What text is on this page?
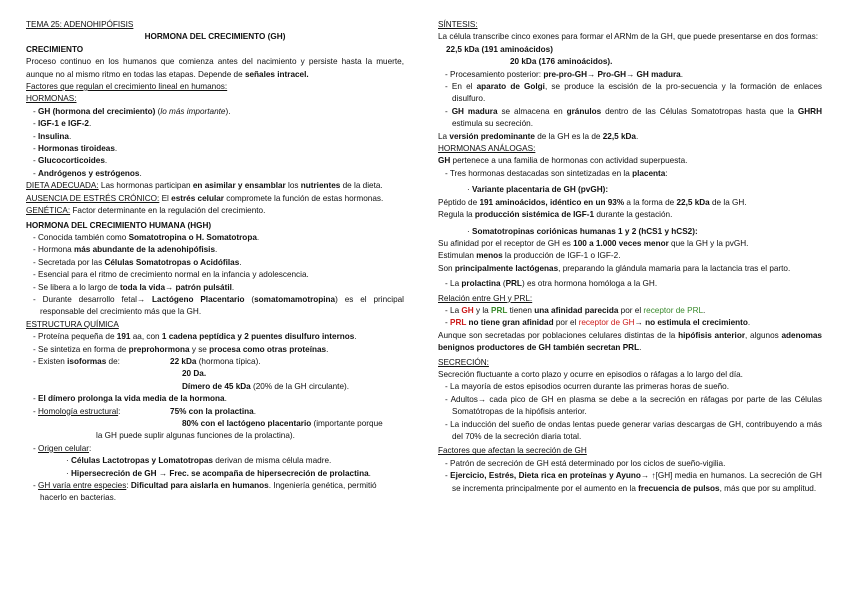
TEMA 25: ADENOHIPÓFISIS

HORMONA DEL CRECIMIENTO (GH)

CRECIMIENTO

Proceso continuo en los humanos que comienza antes del nacimiento y persiste hasta la muerte, aunque no al mismo ritmo en todas las etapas. Depende de señales intracel.

Factores que regulan el crecimiento lineal en humanos:

HORMONAS:

- GH (hormona del crecimiento) (lo más importante).

- IGF-1 e IGF-2.

- Insulina.

- Hormonas tiroideas.

- Glucocorticoides.

- Andrógenos y estrógenos.

DIETA ADECUADA: Las hormonas participan en asimilar y ensamblar los nutrientes de la dieta.

AUSENCIA DE ESTRÉS CRÓNICO: El estrés celular compromete la función de estas hormonas.

GENÉTICA: Factor determinante en la regulación del crecimiento.

HORMONA DEL CRECIMIENTO HUMANA (HGH)

- Conocida también como Somatotropina o H. Somatotropa.

- Hormona más abundante de la adenohipófisis.

- Secretada por las Células Somatotropas o Acidófilas.

- Esencial para el ritmo de crecimiento normal en la infancia y adolescencia.

- Se libera a lo largo de toda la vida→ patrón pulsátil.

- Durante desarrollo fetal→ Lactógeno Placentario (somatomamotropina) es el principal responsable del crecimiento más que la GH.

ESTRUCTURA QUÍMICA

- Proteína pequeña de 191 aa, con 1 cadena peptídica y 2 puentes disulfuro internos.

- Se sintetiza en forma de preprohormona y se procesa como otras proteínas.

- Existen isoformas de:	22 kDa (hormona típica).

20 Da.

Dímero de 45 kDa (20% de la GH circulante).

- El dímero prolonga la vida media de la hormona.

- Homología estructural:	75% con la prolactina.

80% con el lactógeno placentario (importante porque

la GH puede suplir algunas funciones de la prolactina).

- Origen celular:

· Células Lactotropas y Lomatotropas derivan de misma célula madre.

· Hipersecreción de GH → Frec. se acompaña de hipersecreción de prolactina.

- GH varía entre especies: Dificultad para aislarla en humanos. Ingeniería genética, permitió hacerlo en bacterias.

SÍNTESIS:

La célula transcribe cinco exones para formar el ARNm de la GH, que puede presentarse en dos formas: 22,5 kDa (191 aminoácidos)

20 kDa (176 aminoácidos).

- Procesamiento posterior: pre-pro-GH→ Pro-GH→ GH madura.

- En el aparato de Golgi, se produce la escisión de la pro-secuencia y la formación de enlaces disulfuro.

- GH madura se almacena en gránulos dentro de las Células Somatotropas hasta que la GHRH estimula su secreción.

La versión predominante de la GH es la de 22,5 kDa.

HORMONAS ANÁLOGAS:

GH pertenece a una familia de hormonas con actividad superpuesta.

- Tres hormonas destacadas son sintetizadas en la placenta:

· Variante placentaria de GH (pvGH):

Péptido de 191 aminoácidos, idéntico en un 93% a la forma de 22,5 kDa de la GH.

Regula la producción sistémica de IGF-1 durante la gestación.

· Somatotropinas coriónicas humanas 1 y 2 (hCS1 y hCS2):

Su afinidad por el receptor de GH es 100 a 1.000 veces menor que la GH y la pvGH.

Estimulan menos la producción de IGF-1 o IGF-2.

Son principalmente lactógenas, preparando la glándula mamaria para la lactancia tras el parto.

- La prolactina (PRL) es otra hormona homóloga a la GH.

Relación entre GH y PRL:

- La GH y la PRL tienen una afinidad parecida por el receptor de PRL.

- PRL no tiene gran afinidad por el receptor de GH→ no estimula el crecimiento.

Aunque son secretadas por poblaciones celulares distintas de la hipófisis anterior, algunos adenomas benignos productores de GH también secretan PRL.

SECRECIÓN:

Secreción fluctuante a corto plazo y ocurre en episodios o ráfagas a lo largo del día.

- La mayoría de estos episodios ocurren durante las primeras horas de sueño.

- Adultos→ cada pico de GH en plasma se debe a la secreción en ráfagas por parte de las Células Somatótropas de la hipófisis anterior.

- La inducción del sueño de ondas lentas puede generar varias descargas de GH, contribuyendo a más del 70% de la secreción diaria total.

Factores que afectan la secreción de GH

- Patrón de secreción de GH está determinado por los ciclos de sueño-vigilia.

- Ejercicio, Estrés, Dieta rica en proteínas y Ayuno→ ↑[GH] media en humanos. La secreción de GH se incrementa principalmente por el aumento en la frecuencia de pulsos, más que por su amplitud.
